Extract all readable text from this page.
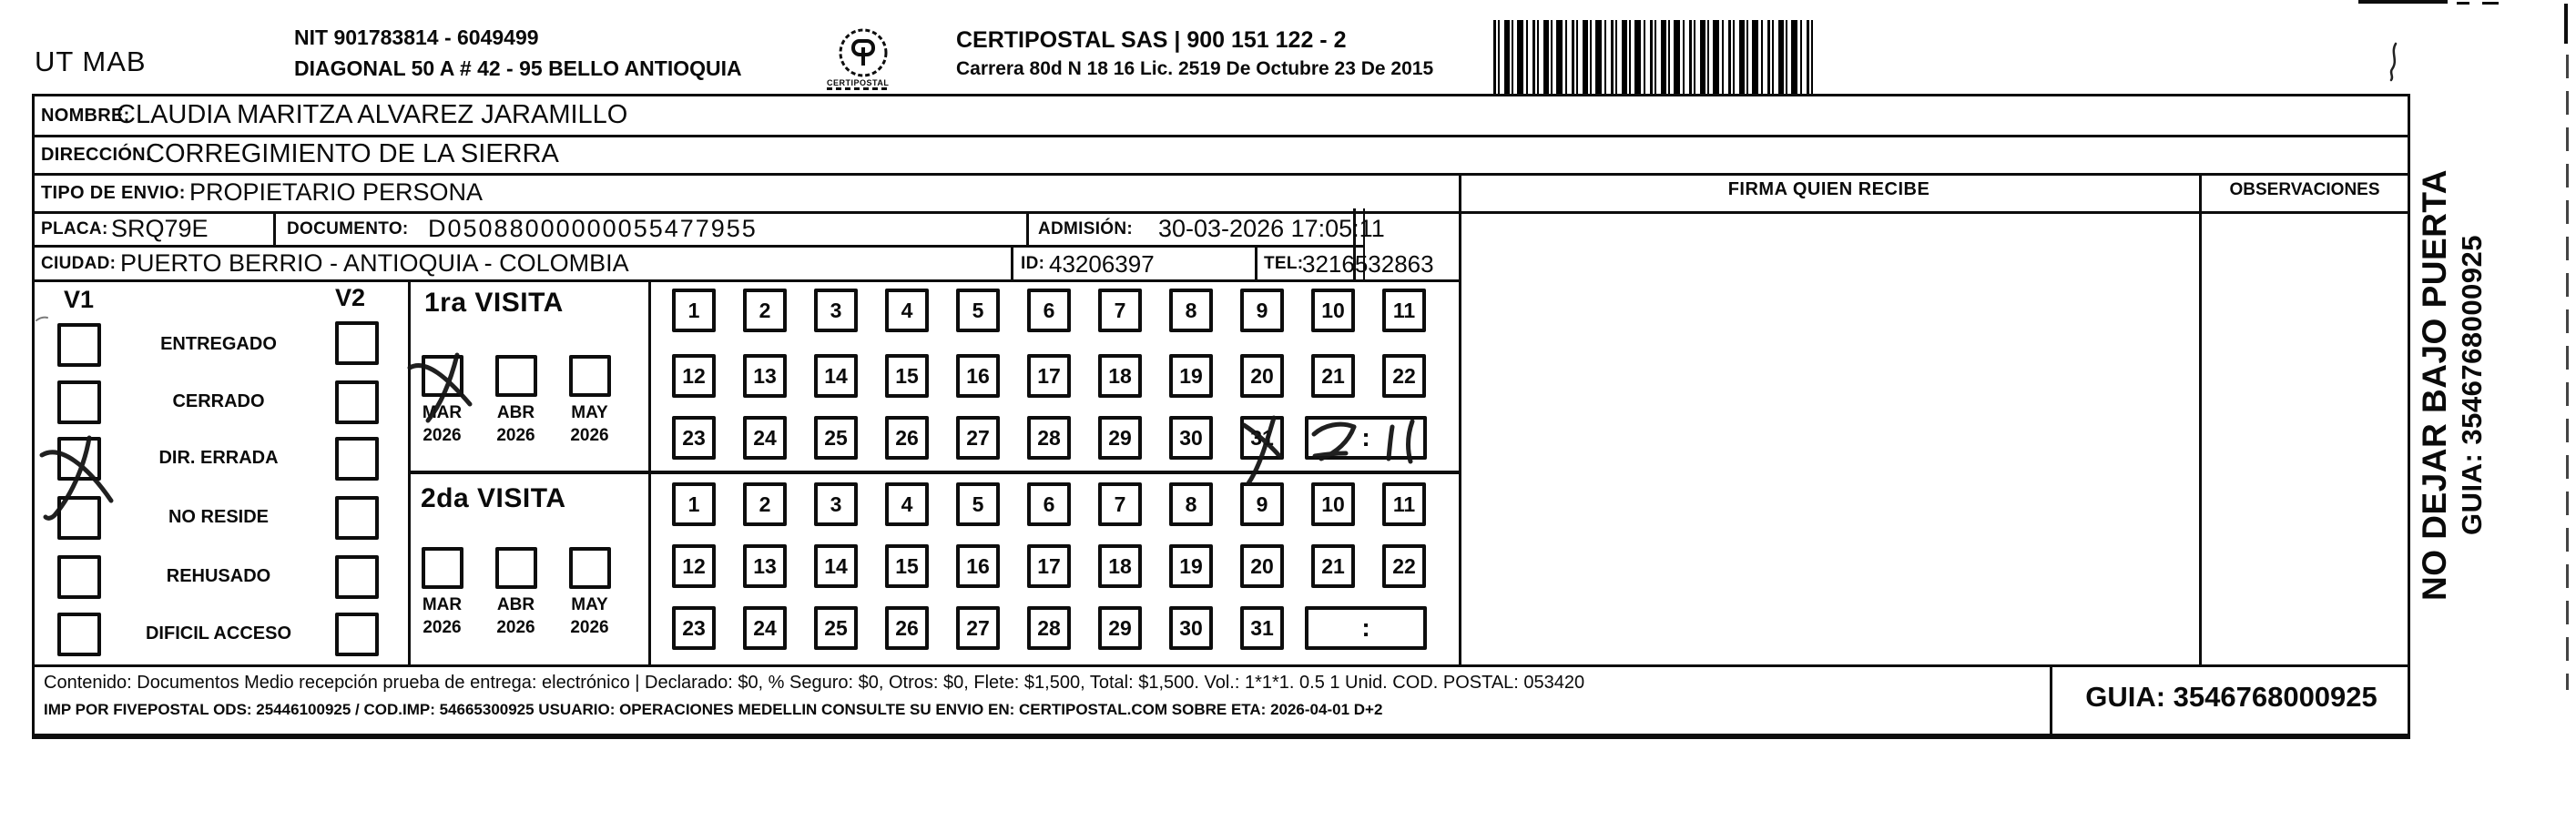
UT MAB
NIT 901783814 - 6049499
DIAGONAL 50 A # 42 - 95 BELLO ANTIOQUIA
CERTIPOSTAL
CERTIPOSTAL SAS | 900 151 122 - 2
Carrera 80d N 18 16 Lic. 2519 De Octubre 23 De 2015
NOMBRE:
CLAUDIA MARITZA ALVAREZ JARAMILLO
DIRECCIÓN:
CORREGIMIENTO DE LA SIERRA
TIPO DE ENVIO: PROPIETARIO PERSONA
PLACA: SRQ79E	DOCUMENTO: D05088000000055477955	ADMISIÓN: 30-03-2026 17:05:11
CIUDAD: PUERTO BERRIO - ANTIOQUIA - COLOMBIA	ID: 43206397	TEL:
3216532863
V1	V2
ENTREGADO
CERRADO
DIR. ERRADA
NO RESIDE
REHUSADO
DIFICIL ACCESO
1ra VISITA
MAR
2026
ABR
2026
MAY
2026
2da VISITA
MAR
2026
ABR
2026
MAY
2026
1	2	3	4	5	6	7	8	9	10	11
12	13	14	15	16	17	18	19	20	21	22
23	24	25	26	27	28	29	30	31	:
1	2	3	4	5	6	7	8	9	10	11
12	13	14	15	16	17	18	19	20	21	22
23	24	25	26	27	28	29	30	31	:
FIRMA QUIEN RECIBE	OBSERVACIONES
Contenido: Documentos Medio recepción prueba de entrega: electrónico | Declarado: $0, % Seguro: $0, Otros: $0, Flete: $1,500, Total: $1,500. Vol.: 1*1*1. 0.5 1 Unid. COD. POSTAL: 053420
IMP POR FIVEPOSTAL ODS: 25446100925 / COD.IMP: 54665300925 USUARIO: OPERACIONES MEDELLIN CONSULTE SU ENVIO EN: CERTIPOSTAL.COM SOBRE ETA: 2026-04-01 D+2	GUIA: 3546768000925
NO DEJAR BAJO PUERTA GUIA: 3546768000925
